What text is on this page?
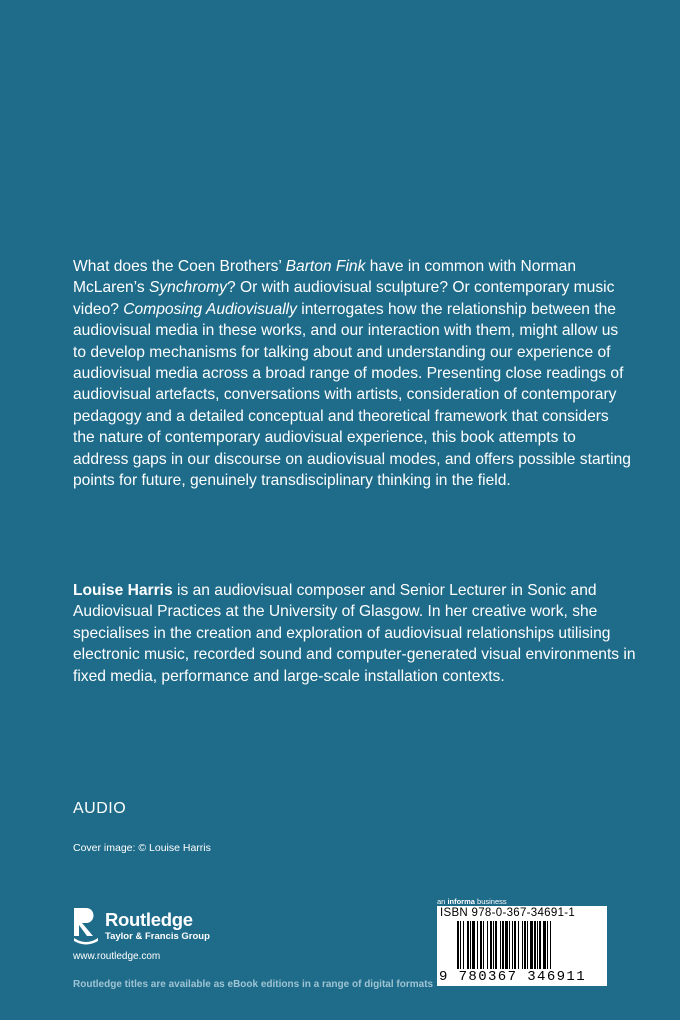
What does the Coen Brothers’ Barton Fink have in common with Norman McLaren’s Synchromy? Or with audiovisual sculpture? Or contemporary music video? Composing Audiovisually interrogates how the relationship between the audiovisual media in these works, and our interaction with them, might allow us to develop mechanisms for talking about and understanding our experience of audiovisual media across a broad range of modes. Presenting close readings of audiovisual artefacts, conversations with artists, consideration of contemporary pedagogy and a detailed conceptual and theoretical framework that considers the nature of contemporary audiovisual experience, this book attempts to address gaps in our discourse on audiovisual modes, and offers possible starting points for future, genuinely transdisciplinary thinking in the field.

Louise Harris is an audiovisual composer and Senior Lecturer in Sonic and Audiovisual Practices at the University of Glasgow. In her creative work, she specialises in the creation and exploration of audiovisual relationships utilising electronic music, recorded sound and computer-generated visual environments in fixed media, performance and large-scale installation contexts.

AUDIO
Cover image: © Louise Harris
Routledge
Taylor & Francis Group
www.routledge.com
Routledge titles are available as eBook editions in a range of digital formats
an informa business
ISBN 978-0-367-34691-1
9 780367 346911
